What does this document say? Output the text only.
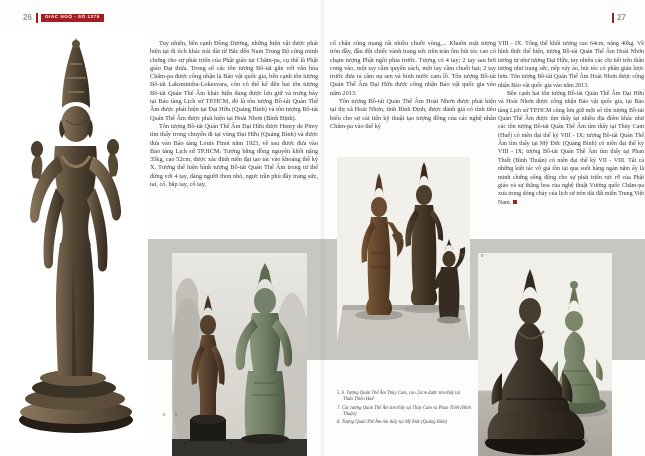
26	GIÁC NGỘ - SỐ 1275	27

Tuy nhiên, bên cạnh Đồng Dương, những hiện vật được phát hiện tại di tích khác trải dài từ Bắc đến Nam Trung Bộ cũng minh chứng cho sự phát triển của Phật giáo tại Chăm-pa, cụ thể là Phật giáo Đại thừa. Trong số các tôn tượng Bồ-tát gắn với văn hóa Chăm-pa được công nhận là Bảo vật quốc gia, bên cạnh tôn tượng Bồ-tát Laksmindra-Lokesvara, còn có thể kể đến hai tôn tượng Bồ-tát Quán Thế Âm khác hiện đang được lưu giữ và trưng bày tại Bảo tàng Lịch sử TP.HCM, đó là tôn tượng Bồ-tát Quán Thế Âm được phát hiện tại Đại Hữu (Quảng Bình) và tôn tượng Bồ-tát Quán Thế Âm được phát hiện tại Hoài Nhơn (Bình Định).

Tôn tượng Bồ-tát Quán Thế Âm Đại Hữu được Henry de Pirey tìm thấy trong chuyến đi tại vùng Đại Hữu (Quảng Bình) và được đưa vào Bảo tàng Louis Finot năm 1923, về sau được đưa vào Bảo tàng Lịch sử TP.HCM. Tượng bằng đồng nguyên khối nặng 35kg, cao 52cm, được xác định niên đại tạo tác vào khoảng thế kỷ X. Tượng thể hiện hình tượng Bồ-tát Quán Thế Âm trong tư thế đứng với 4 tay, dáng người thon nhỏ, ngực trần phủ đầy trang sức, tai, cổ, bắp tay, cổ tay,

cổ chân cũng mang rất nhiều chuỗi vòng,... Khuôn mặt tượng tròn đầy, đầu đội chiếc vành trang sức trên trán ôm búi tóc cao có chạm tượng Phật ngồi phía trước. Tượng có 4 tay; 2 tay sau hơi cong vào, một tay cầm quyển sách, một tay cầm chuỗi hạt; 2 tay trước đưa ra cầm nụ sen và bình nước cam lồ. Tôn tượng Bồ-tát Quán Thế Âm Đại Hữu được công nhận Bảo vật quốc gia vào năm 2013.

Tôn tượng Bồ-tát Quán Thế Âm Hoài Nhơn được phát hiện tại thị xã Hoài Nhơn, tỉnh Bình Định, được đánh giá có tính tiêu biểu cho sự cải tiến kỹ thuật tạo tượng đồng của các nghệ nhân Chăm-pa vào thế kỷ

VIII - IX. Tổng thể khối tượng cao 64cm, nặng 40kg. Về hình thức thể hiện, tượng Bồ-tát Quán Thế Âm Hoài Nhơn tương tự như tượng Đại Hữu, tuy nhiên các chi tiết trên thân tượng như trang sức, nếp váy áo, búi tóc có phần giản lược hơn. Tôn tượng Bồ-tát Quán Thế Âm Hoài Nhơn được công nhận Bảo vật quốc gia vào năm 2013.

Bên cạnh hai tôn tượng Bồ-tát Quán Thế Âm Đại Hữu và Hoài Nhơn được công nhận Bảo vật quốc gia, tại Bảo tàng Lịch sử TP.HCM cũng lưu giữ một số tôn tượng Bồ-tát Quán Thế Âm được tìm thấy tại nhiều địa điểm khác như các tôn tượng Bồ-tát Quán Thế Âm tìm thấy tại Thủy Cam (Huế) có niên đại thế kỷ VIII - IX; tượng Bồ-tát Quán Thế Âm tìm thấy tại Mỹ Đức (Quảng Bình) có niên đại thế kỷ VIII - IX; tượng Bồ-tát Quán Thế Âm tìm thấy tại Phan Thiết (Bình Thuận) có niên đại thế kỷ VII - VIII. Tất cả những kiệt tác vô giá tồn tại qua suốt hàng ngàn năm ấy là minh chứng sống động cho sự phát triển rực rỡ của Phật giáo và sự thăng hoa của nghệ thuật Vương quốc Chăm-pa xưa trong dòng chảy của lịch sử trên dải đất miền Trung Việt Nam.

5 6
7	8

5, 6. Tượng Quán Thế Âm Thủy Cam, cao 23cm được tìm thấy tại Thừa Thiên Huế

7. Các tượng Quán Thế Âm tìm thấy tại Thủy Cam và Phan Thiết (Bình Thuận)

8. Tượng Quán Thế Âm tìm thấy tại Mỹ Đức (Quảng Bình)
